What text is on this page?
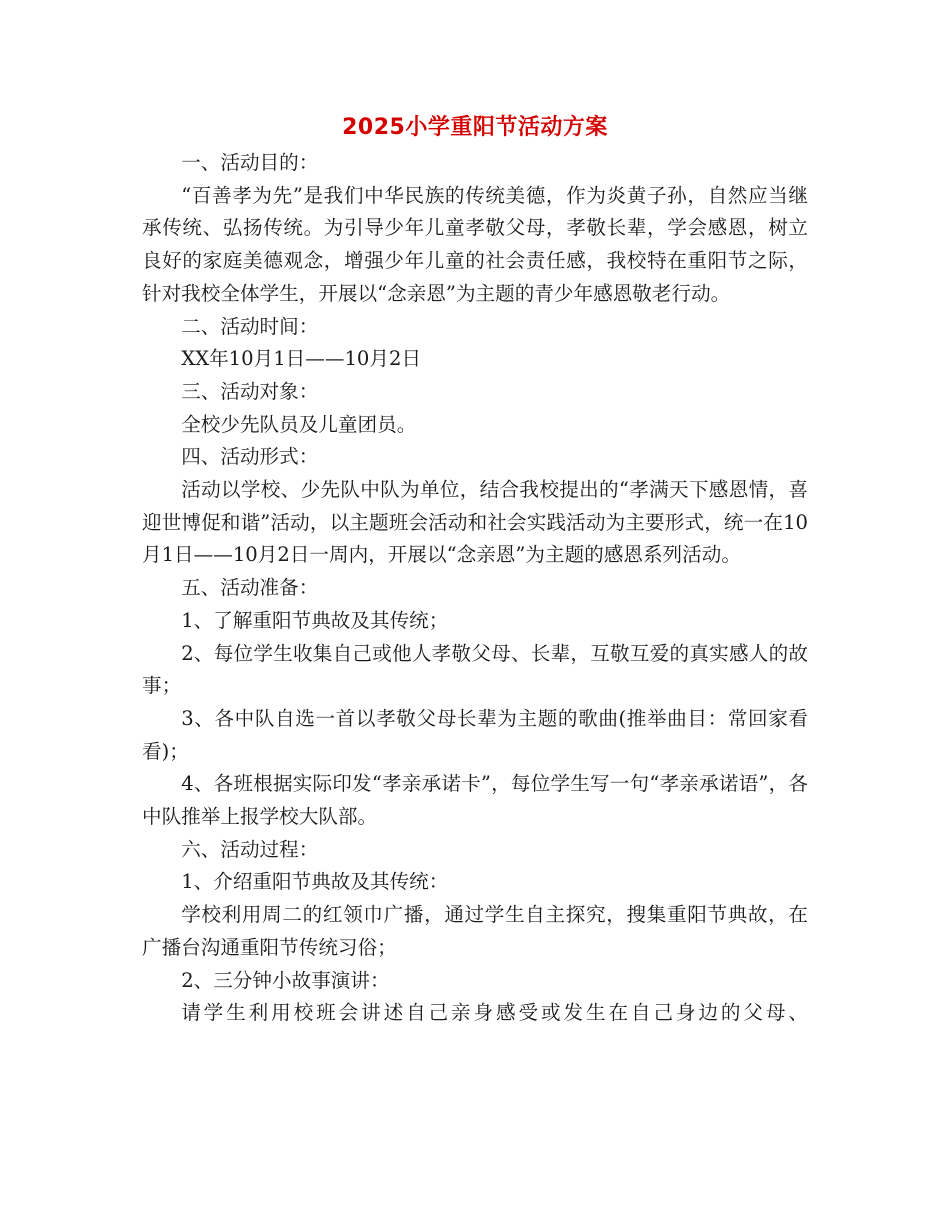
2025小学重阳节活动方案

一、活动目的：

“百善孝为先”是我们中华民族的传统美德，作为炎黄子孙，自然应当继承传统、弘扬传统。为引导少年儿童孝敬父母，孝敬长辈，学会感恩，树立良好的家庭美德观念，增强少年儿童的社会责任感，我校特在重阳节之际，针对我校全体学生，开展以“念亲恩”为主题的青少年感恩敬老行动。

二、活动时间：

XX年10月1日——10月2日

三、活动对象：

全校少先队员及儿童团员。

四、活动形式：

活动以学校、少先队中队为单位，结合我校提出的“孝满天下感恩情，喜迎世博促和谐”活动，以主题班会活动和社会实践活动为主要形式，统一在10月1日——10月2日一周内，开展以“念亲恩”为主题的感恩系列活动。

五、活动准备：

1、了解重阳节典故及其传统；

2、每位学生收集自己或他人孝敬父母、长辈，互敬互爱的真实感人的故事；

3、各中队自选一首以孝敬父母长辈为主题的歌曲(推举曲目：常回家看看)；

4、各班根据实际印发“孝亲承诺卡”，每位学生写一句“孝亲承诺语”，各中队推举上报学校大队部。

六、活动过程：

1、介绍重阳节典故及其传统：

学校利用周二的红领巾广播，通过学生自主探究，搜集重阳节典故，在广播台沟通重阳节传统习俗；

2、三分钟小故事演讲：

请学生利用校班会讲述自己亲身感受或发生在自己身边的父母、
